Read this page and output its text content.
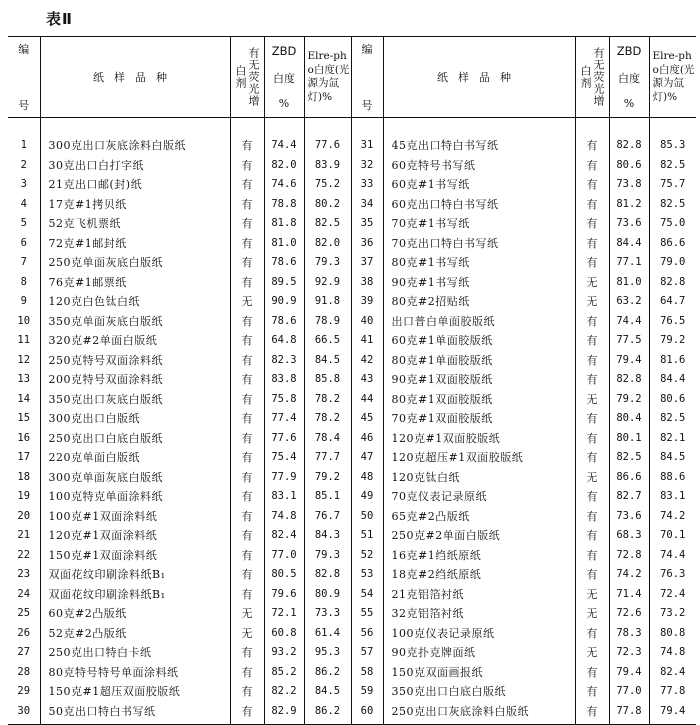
表Ⅱ
编
号	纸样品种	有无荧光增白剂	ZBD
白度
%	Elre-pho白度(光源为氙灯)%	编
号	纸样品种	有无荧光增白剂	ZBD
白度
%	Elre-pho白度(光源为氙灯)%

1	300克出口灰底涂料白版纸	有	74.4	77.6	31	45克出口特白书写纸	有	82.8	85.3
2	30克出口白打字纸	有	82.0	83.9	32	60克特号书写纸	有	80.6	82.5
3	21克出口邮(封)纸	有	74.6	75.2	33	60克#1书写纸	有	73.8	75.7
4	17克#1拷贝纸	有	78.8	80.2	34	60克出口特白书写纸	有	81.2	82.5
5	52克飞机票纸	有	81.8	82.5	35	70克#1书写纸	有	73.6	75.0
6	72克#1邮封纸	有	81.0	82.0	36	70克出口特白书写纸	有	84.4	86.6
7	250克单面灰底白版纸	有	78.6	79.3	37	80克#1书写纸	有	77.1	79.0
8	76克#1邮票纸	有	89.5	92.9	38	90克#1书写纸	无	81.0	82.8
9	120克白色钛白纸	无	90.9	91.8	39	80克#2招贴纸	无	63.2	64.7
10	350克单面灰底白版纸	有	78.6	78.9	40	出口普白单面胶版纸	有	74.4	76.5
11	320克#2单面白版纸	有	64.8	66.5	41	60克#1单面胶版纸	有	77.5	79.2
12	250克特号双面涂料纸	有	82.3	84.5	42	80克#1单面胶版纸	有	79.4	81.6
13	200克特号双面涂料纸	有	83.8	85.8	43	90克#1双面胶版纸	有	82.8	84.4
14	350克出口灰底白版纸	有	75.8	78.2	44	80克#1双面胶版纸	无	79.2	80.6
15	300克出口白版纸	有	77.4	78.2	45	70克#1双面胶版纸	有	80.4	82.5
16	250克出口白底白版纸	有	77.6	78.4	46	120克#1双面胶版纸	有	80.1	82.1
17	220克单面白版纸	有	75.4	77.7	47	120克超压#1双面胶版纸	有	82.5	84.5
18	300克单面灰底白版纸	有	77.9	79.2	48	120克钛白纸	无	86.6	88.6
19	100克特克单面涂料纸	有	83.1	85.1	49	70克仪表记录原纸	有	82.7	83.1
20	100克#1双面涂料纸	有	74.8	76.7	50	65克#2凸版纸	有	73.6	74.2
21	120克#1双面涂料纸	有	82.4	84.3	51	250克#2单面白版纸	有	68.3	70.1
22	150克#1双面涂料纸	有	77.0	79.3	52	16克#1绉纸原纸	有	72.8	74.4
23	双面花纹印刷涂料纸B₁	有	80.5	82.8	53	18克#2绉纸原纸	有	74.2	76.3
24	双面花纹印刷涂料纸B₁	有	79.6	80.9	54	21克铝箔衬纸	无	71.4	72.4
25	60克#2凸版纸	无	72.1	73.3	55	32克铝箔衬纸	无	72.6	73.2
26	52克#2凸版纸	无	60.8	61.4	56	100克仪表记录原纸	有	78.3	80.8
27	250克出口特白卡纸	有	93.2	95.3	57	90克扑克牌面纸	无	72.3	74.8
28	80克特号特号单面涂料纸	有	85.2	86.2	58	150克双面画报纸	有	79.4	82.4
29	150克#1超压双面胶版纸	有	82.2	84.5	59	350克出口白底白版纸	有	77.0	77.8
30	50克出口特白书写纸	有	82.9	86.2	60	250克出口灰底涂料白版纸	有	77.8	79.4
